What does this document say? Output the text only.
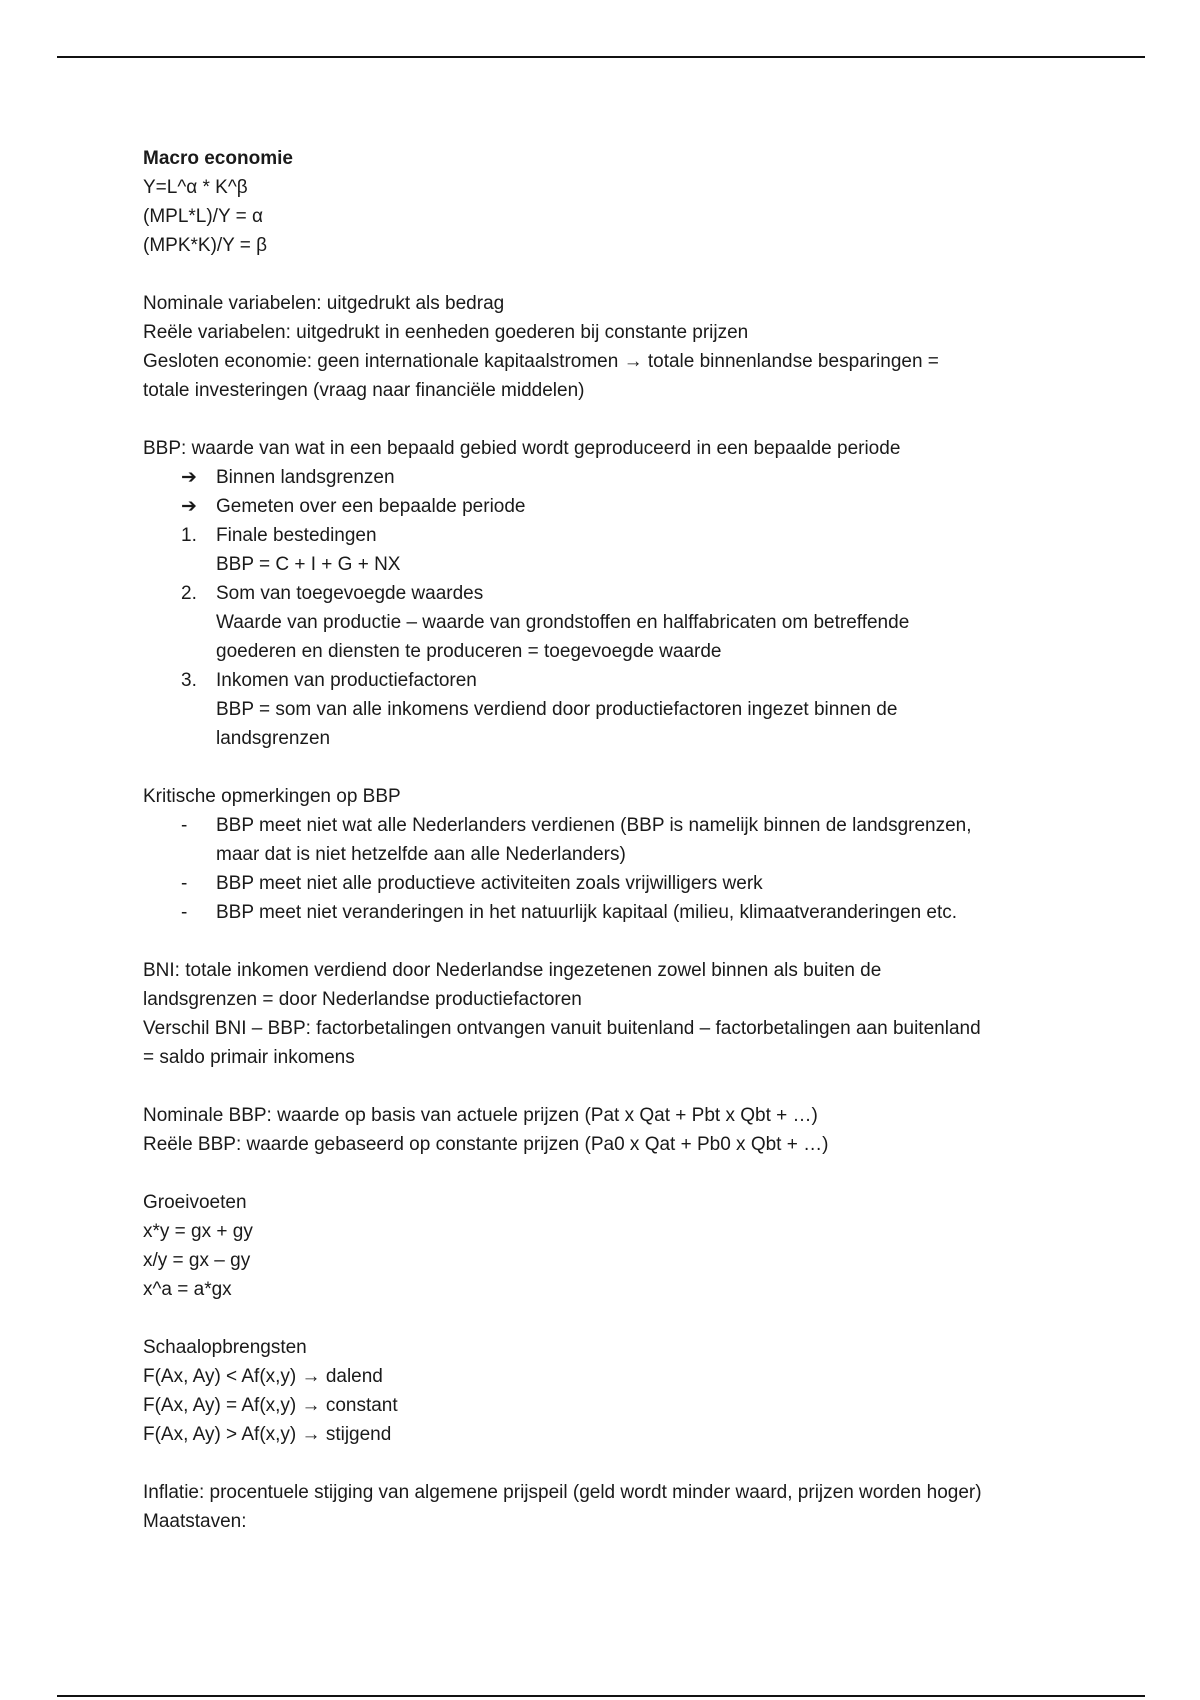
Macro economie
Y=L^α * K^β
(MPL*L)/Y = α
(MPK*K)/Y = β
Nominale variabelen: uitgedrukt als bedrag
Reële variabelen: uitgedrukt in eenheden goederen bij constante prijzen
Gesloten economie: geen internationale kapitaalstromen → totale binnenlandse besparingen =
totale investeringen (vraag naar financiële middelen)
BBP: waarde van wat in een bepaald gebied wordt geproduceerd in een bepaalde periode
➔ Binnen landsgrenzen
➔ Gemeten over een bepaalde periode
1. Finale bestedingen
BBP = C + I + G + NX
2. Som van toegevoegde waardes
Waarde van productie – waarde van grondstoffen en halffabricaten om betreffende
goederen en diensten te produceren = toegevoegde waarde
3. Inkomen van productiefactoren
BBP = som van alle inkomens verdiend door productiefactoren ingezet binnen de
landsgrenzen
Kritische opmerkingen op BBP
- BBP meet niet wat alle Nederlanders verdienen (BBP is namelijk binnen de landsgrenzen,
maar dat is niet hetzelfde aan alle Nederlanders)
- BBP meet niet alle productieve activiteiten zoals vrijwilligers werk
- BBP meet niet veranderingen in het natuurlijk kapitaal (milieu, klimaatveranderingen etc.
BNI: totale inkomen verdiend door Nederlandse ingezetenen zowel binnen als buiten de
landsgrenzen = door Nederlandse productiefactoren
Verschil BNI – BBP: factorbetalingen ontvangen vanuit buitenland – factorbetalingen aan buitenland
= saldo primair inkomens
Nominale BBP: waarde op basis van actuele prijzen (Pat x Qat + Pbt x Qbt + …)
Reële BBP: waarde gebaseerd op constante prijzen (Pa0 x Qat + Pb0 x Qbt + …)
Groeivoeten
x*y = gx + gy
x/y = gx – gy
x^a = a*gx
Schaalopbrengsten
F(Ax, Ay) < Af(x,y) → dalend
F(Ax, Ay) = Af(x,y) → constant
F(Ax, Ay) > Af(x,y) → stijgend
Inflatie: procentuele stijging van algemene prijspeil (geld wordt minder waard, prijzen worden hoger)
Maatstaven:
